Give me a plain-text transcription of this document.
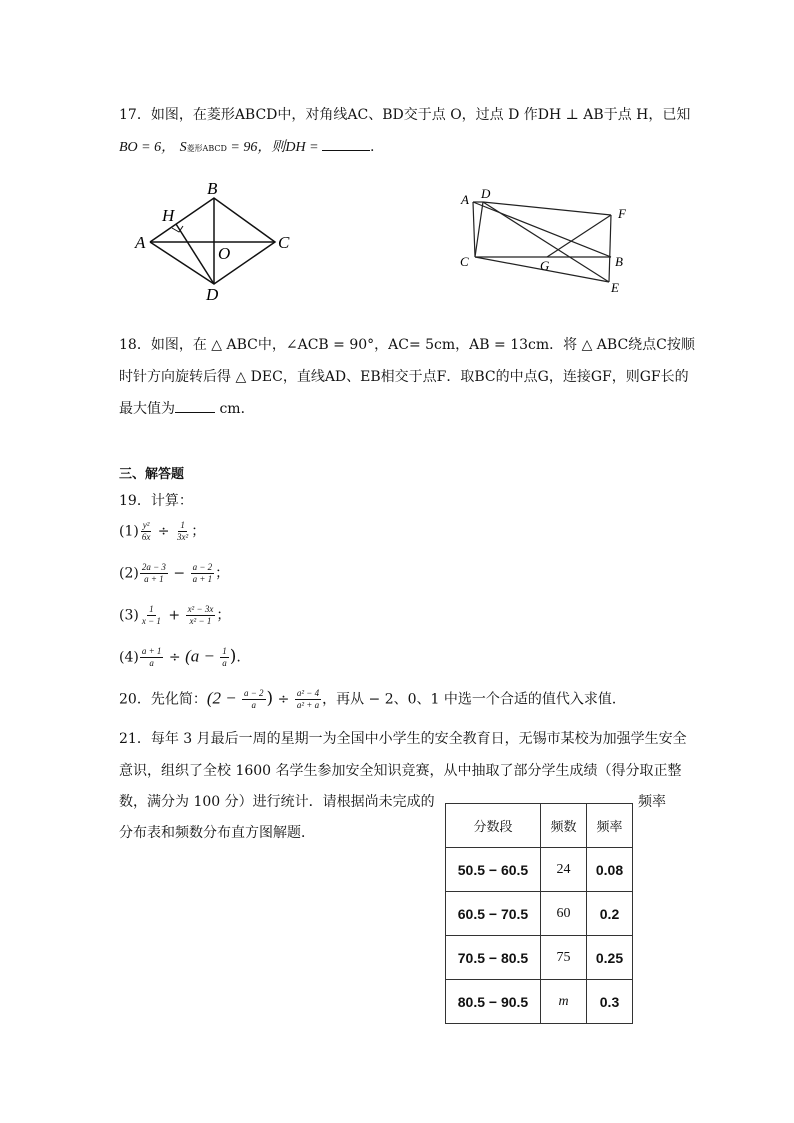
17．如图，在菱形ABCD中，对角线AC、BD交于点 O，过点 D 作DH ⊥ AB于点 H，已知
BO = 6， S菱形ABCD = 96，则DH =	.
B
H
A
O
C
D
A D
F
C	G	B
E
18．如图，在 △ ABC中，∠ACB = 90°，AC= 5cm，AB = 13cm．将 △ ABC绕点C按顺
时针方向旋转后得 △ DEC，直线AD、EB相交于点F．取BC的中点G，连接GF，则GF长的
最大值为	cm．
三、解答题
19．计算：
$(1) \frac{\text{y²}}{6x} \div \frac{1}{\text{3x²}}$ ；
$(2) \frac{2a - 3}{a + 1} - \frac{a - 2}{a + 1}$ ；
$(3) \frac{1}{x - 1} + \frac{\text{x² − 3x}}{\text{x² − 1}}$ ；
$(4) \frac{a + 1}{a} \div (a - \frac{1}{a}$ ).
20．先化简：($2 - \frac{a - 2}{a}$ ) ÷ $\frac{\text{a² − 4}}{\text{a² + a}}$ ，再从 − 2、0、1 中选一个合适的值代入求值．
21．每年 3 月最后一周的星期一为全国中小学生的安全教育日，无锡市某校为加强学生安全
意识，组织了全校 1600 名学生参加安全知识竞赛，从中抽取了部分学生成绩（得分取正整
数，满分为 100 分）进行统计．请根据尚未完成的	频率
分布表和频数分布直方图解题．	分数段	频数	频率
50.5 − 60.5	24	0.08
60.5 − 70.5	60	0.2
70.5 − 80.5	75	0.25
80.5 − 90.5	m	0.3
